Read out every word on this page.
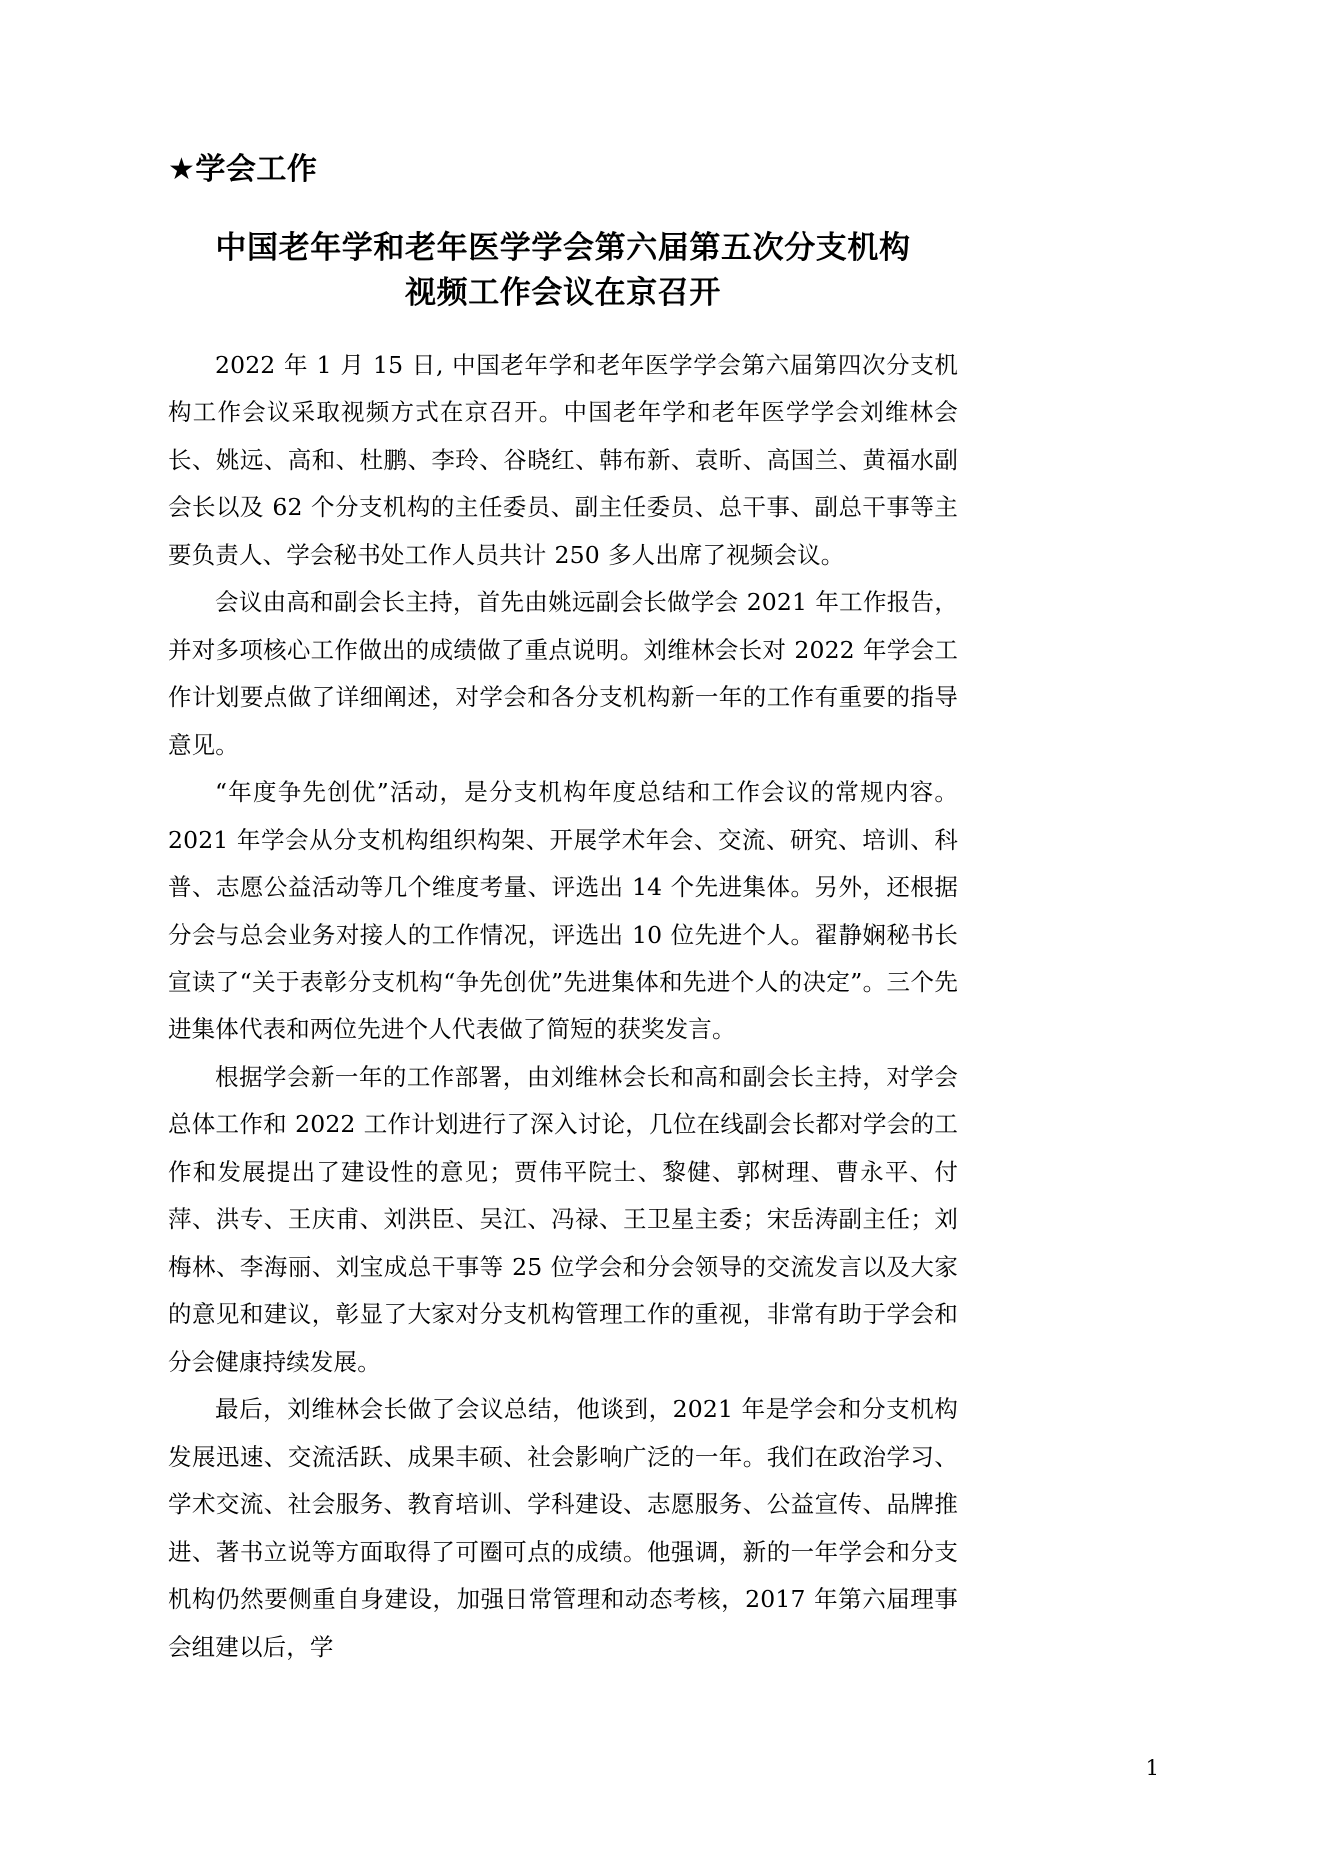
★学会工作
中国老年学和老年医学学会第六届第五次分支机构
视频工作会议在京召开

2022 年 1 月 15 日, 中国老年学和老年医学学会第六届第四次分支机构工作会议采取视频方式在京召开。中国老年学和老年医学学会刘维林会长、姚远、高和、杜鹏、李玲、谷晓红、韩布新、袁昕、高国兰、黄福水副会长以及 62 个分支机构的主任委员、副主任委员、总干事、副总干事等主要负责人、学会秘书处工作人员共计 250 多人出席了视频会议。

会议由高和副会长主持，首先由姚远副会长做学会 2021 年工作报告，并对多项核心工作做出的成绩做了重点说明。刘维林会长对 2022 年学会工作计划要点做了详细阐述，对学会和各分支机构新一年的工作有重要的指导意见。

“年度争先创优”活动，是分支机构年度总结和工作会议的常规内容。2021 年学会从分支机构组织构架、开展学术年会、交流、研究、培训、科普、志愿公益活动等几个维度考量、评选出 14 个先进集体。另外，还根据分会与总会业务对接人的工作情况，评选出 10 位先进个人。翟静娴秘书长宣读了“关于表彰分支机构“争先创优”先进集体和先进个人的决定”。三个先进集体代表和两位先进个人代表做了简短的获奖发言。

根据学会新一年的工作部署，由刘维林会长和高和副会长主持，对学会总体工作和 2022 工作计划进行了深入讨论，几位在线副会长都对学会的工作和发展提出了建设性的意见；贾伟平院士、黎健、郭树理、曹永平、付萍、洪专、王庆甫、刘洪臣、吴江、冯禄、王卫星主委；宋岳涛副主任；刘梅林、李海丽、刘宝成总干事等 25 位学会和分会领导的交流发言以及大家的意见和建议，彰显了大家对分支机构管理工作的重视，非常有助于学会和分会健康持续发展。

最后，刘维林会长做了会议总结，他谈到，2021 年是学会和分支机构发展迅速、交流活跃、成果丰硕、社会影响广泛的一年。我们在政治学习、学术交流、社会服务、教育培训、学科建设、志愿服务、公益宣传、品牌推进、著书立说等方面取得了可圈可点的成绩。他强调，新的一年学会和分支机构仍然要侧重自身建设，加强日常管理和动态考核，2017 年第六届理事会组建以后，学

1
